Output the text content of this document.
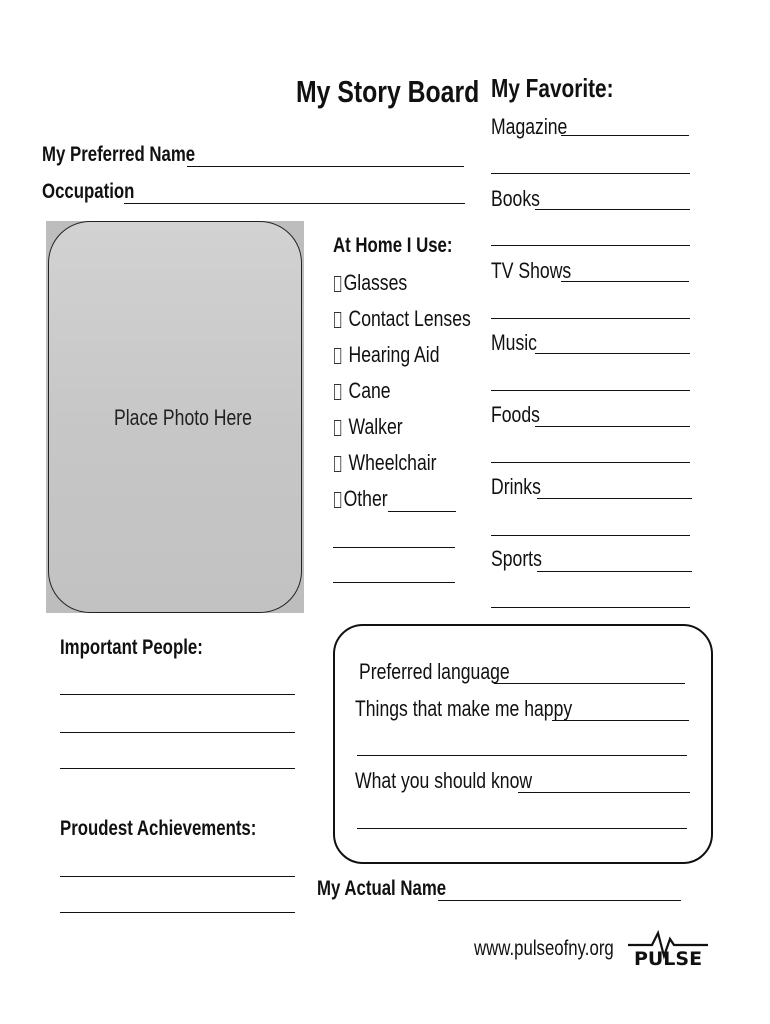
My Story Board My Favorite:
Magazine
Books
TV Shows
Music
Foods
Drinks
Sports
My Preferred Name
Occupation
Place Photo Here
At Home I Use:
Glasses
Contact Lenses
Hearing Aid
Cane
Walker
Wheelchair
Other
Important People:
Proudest Achievements:
Preferred language
Things that make me happy
What you should know
My Actual Name
www.pulseofny.org	PULSE
